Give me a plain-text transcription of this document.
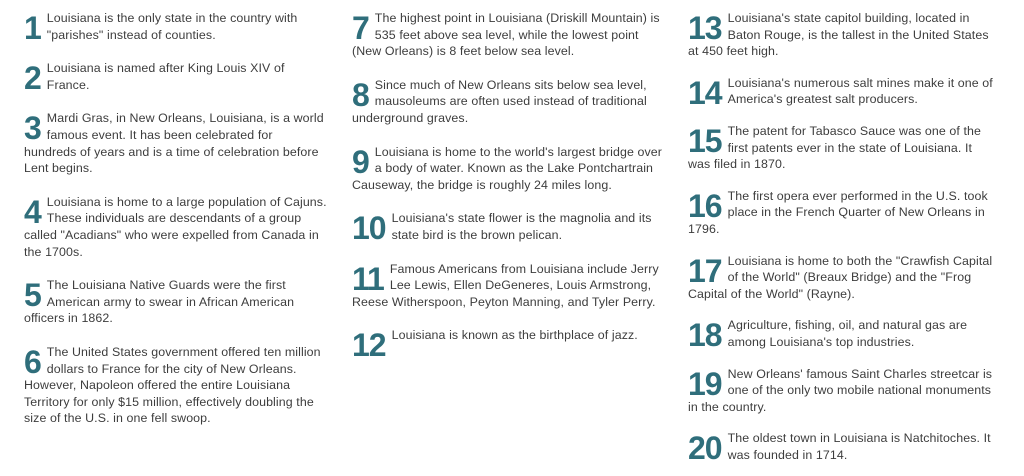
1 Louisiana is the only state in the country with "parishes" instead of counties.
2 Louisiana is named after King Louis XIV of France.
3 Mardi Gras, in New Orleans, Louisiana, is a world famous event. It has been celebrated for hundreds of years and is a time of celebration before Lent begins.
4 Louisiana is home to a large population of Cajuns. These individuals are descendants of a group called "Acadians" who were expelled from Canada in the 1700s.
5 The Louisiana Native Guards were the first American army to swear in African American officers in 1862.
6 The United States government offered ten million dollars to France for the city of New Orleans. However, Napoleon offered the entire Louisiana Territory for only $15 million, effectively doubling the size of the U.S. in one fell swoop.
7 The highest point in Louisiana (Driskill Mountain) is 535 feet above sea level, while the lowest point (New Orleans) is 8 feet below sea level.
8 Since much of New Orleans sits below sea level, mausoleums are often used instead of traditional underground graves.
9 Louisiana is home to the world's largest bridge over a body of water. Known as the Lake Pontchartrain Causeway, the bridge is roughly 24 miles long.
10 Louisiana's state flower is the magnolia and its state bird is the brown pelican.
11 Famous Americans from Louisiana include Jerry Lee Lewis, Ellen DeGeneres, Louis Armstrong, Reese Witherspoon, Peyton Manning, and Tyler Perry.
12 Louisiana is known as the birthplace of jazz.
13 Louisiana's state capitol building, located in Baton Rouge, is the tallest in the United States at 450 feet high.
14 Louisiana's numerous salt mines make it one of America's greatest salt producers.
15 The patent for Tabasco Sauce was one of the first patents ever in the state of Louisiana. It was filed in 1870.
16 The first opera ever performed in the U.S. took place in the French Quarter of New Orleans in 1796.
17 Louisiana is home to both the "Crawfish Capital of the World" (Breaux Bridge) and the "Frog Capital of the World" (Rayne).
18 Agriculture, fishing, oil, and natural gas are among Louisiana's top industries.
19 New Orleans' famous Saint Charles streetcar is one of the only two mobile national monuments in the country.
20 The oldest town in Louisiana is Natchitoches. It was founded in 1714.
